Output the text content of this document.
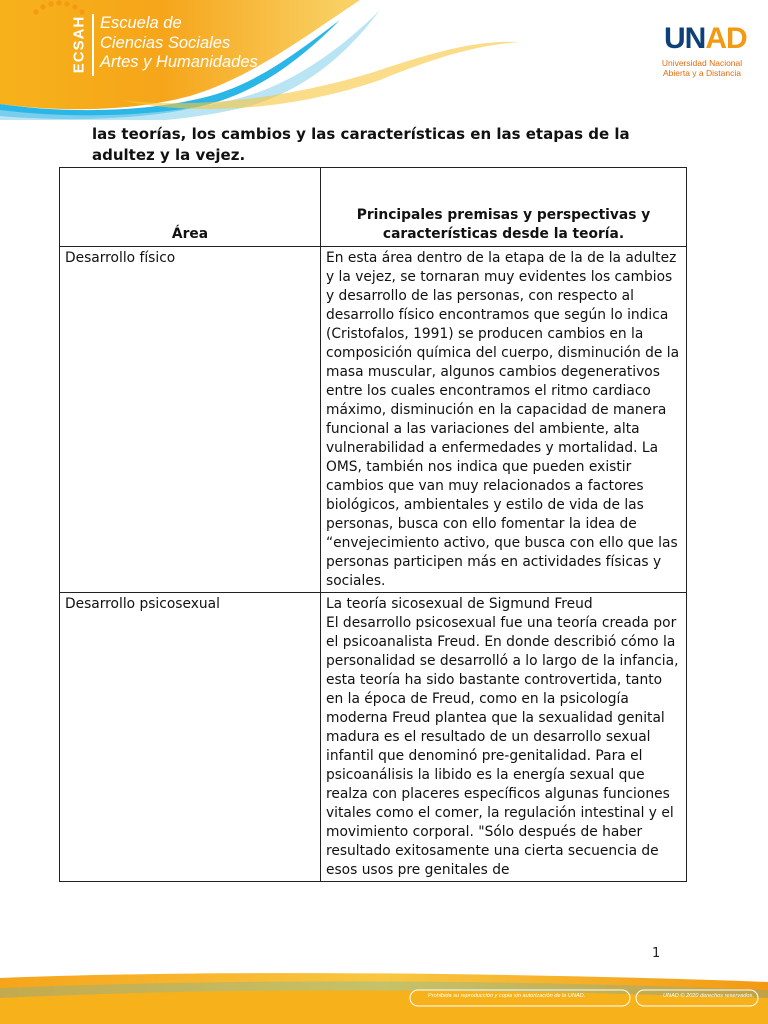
ECSAH Escuela de
Ciencias Sociales
Artes y Humanidades
UNAD
Universidad Nacional
Abierta y a Distancia
las teorías, los cambios y las características en las etapas de la adultez y la vejez.
Área	Principales premisas y perspectivas y características desde la teoría.
Desarrollo físico	En esta área dentro de la etapa de la de la adultez y la vejez, se tornaran muy evidentes los cambios y desarrollo de las personas, con respecto al desarrollo físico encontramos que según lo indica (Cristofalos, 1991) se producen cambios en la composición química del cuerpo, disminución de la masa muscular, algunos cambios degenerativos entre los cuales encontramos el ritmo cardiaco máximo, disminución en la capacidad de manera funcional a las variaciones del ambiente, alta vulnerabilidad a enfermedades y mortalidad. La OMS, también nos indica que pueden existir cambios que van muy relacionados a factores biológicos, ambientales y estilo de vida de las personas, busca con ello fomentar la idea de “envejecimiento activo, que busca con ello que las personas participen más en actividades físicas y sociales.
Desarrollo psicosexual	La teoría sicosexual de Sigmund Freud
El desarrollo psicosexual fue una teoría creada por el psicoanalista Freud. En donde describió cómo la personalidad se desarrolló a lo largo de la infancia, esta teoría ha sido bastante controvertida, tanto en la época de Freud, como en la psicología moderna Freud plantea que la sexualidad genital madura es el resultado de un desarrollo sexual infantil que denominó pre-genitalidad. Para el psicoanálisis la libido es la energía sexual que realza con placeres específicos algunas funciones vitales como el comer, la regulación intestinal y el movimiento corporal. "Sólo después de haber resultado exitosamente una cierta secuencia de esos usos pre genitales de
1
Prohibida su reproducción y copia sin autorización de la UNAD.	UNAD © 2020 derechos reservados.
